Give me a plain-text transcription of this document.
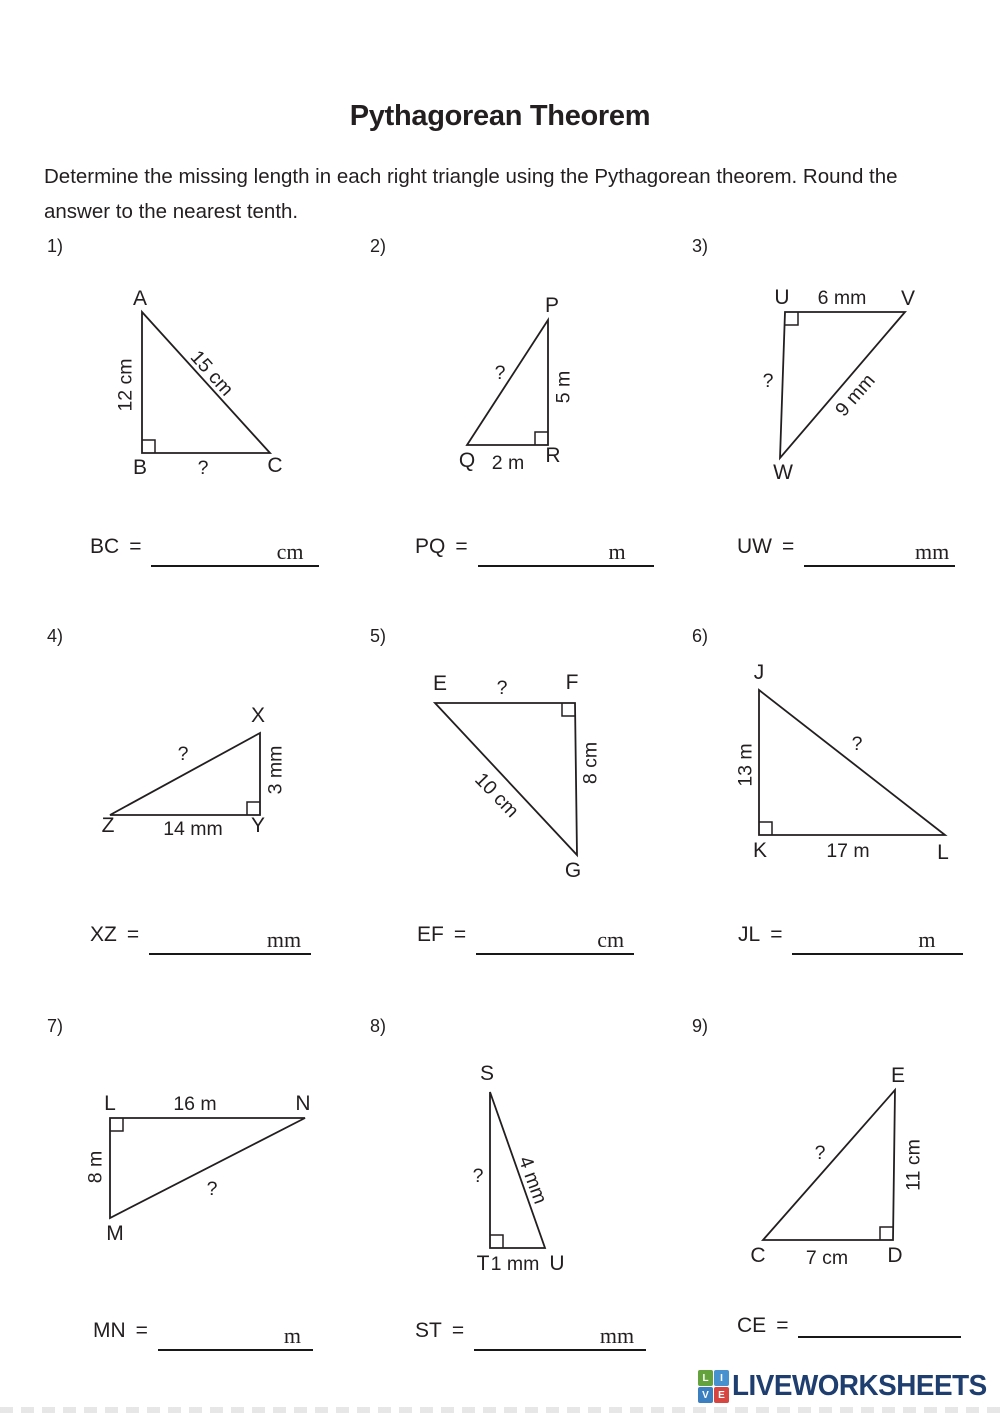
Pythagorean Theorem
Determine the missing length in each right triangle using the Pythagorean theorem. Round the answer to the nearest tenth.
1)	2)	3)
4)	5)	6)
7)	8)	9)
A
B	C
12 cm	15 cm
?
P
Q	R
? 5 m
2 m
U	V
W
6 mm
?	9 mm
X
Z	Y
?	3 mm
14 mm
E	F
G
?
8 cm
10 cm
J
K	L
13 m	?
17 m
L	N
M
16 m
8 m
?
S
T	U
? 4 mm
1 mm
E
C	D
?	11 cm
7 cm
BC =	cm	PQ =	m	UW =	mm
XZ =	mm	EF =	cm	JL =	m
MN =	m	ST =	mm	CE =
L	I
V E LIVEWORKSHEETS
